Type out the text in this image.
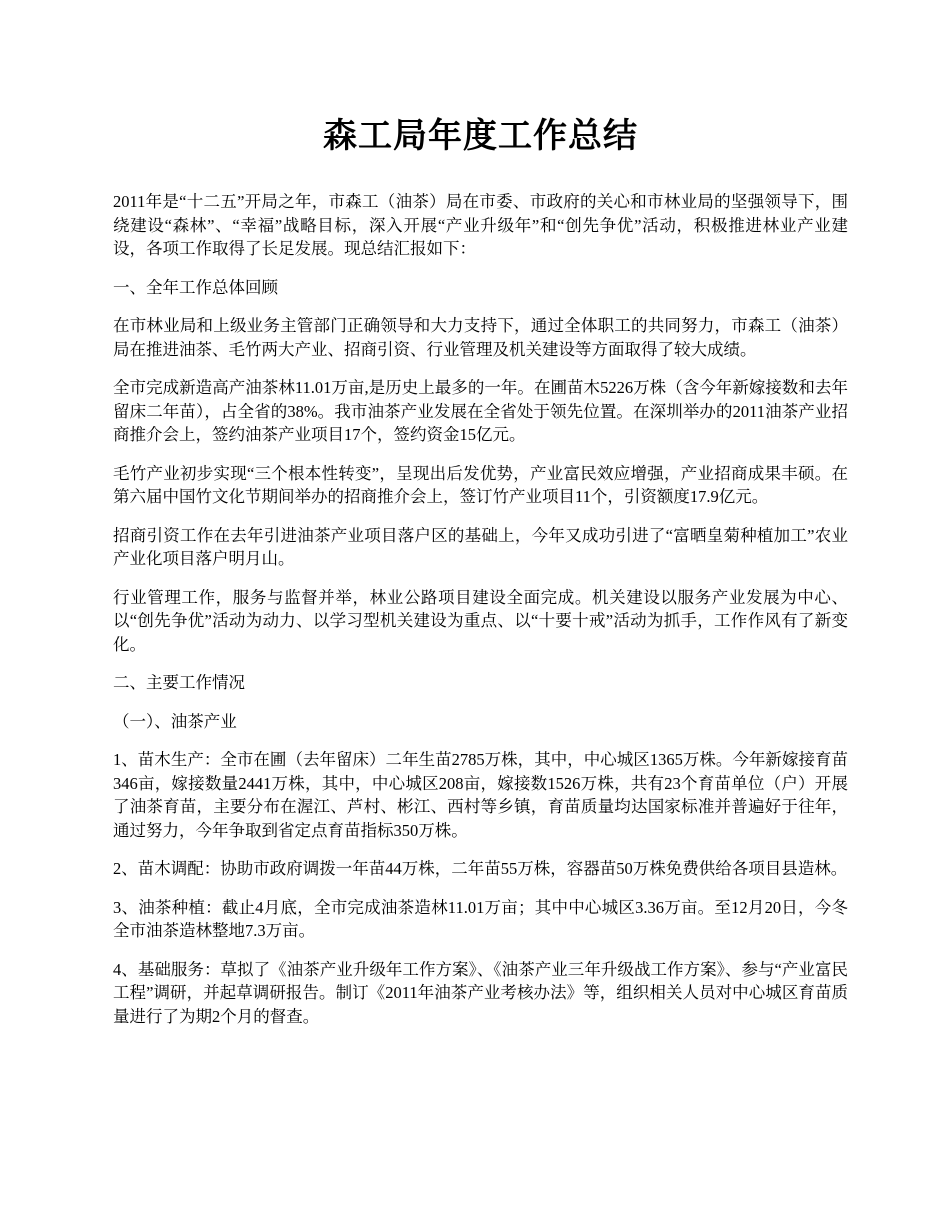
森工局年度工作总结

2011年是“十二五”开局之年，市森工（油茶）局在市委、市政府的关心和市林业局的坚强领导下，围绕建设“森林”、“幸福”战略目标，深入开展“产业升级年”和“创先争优”活动，积极推进林业产业建设，各项工作取得了长足发展。现总结汇报如下：

一、全年工作总体回顾

在市林业局和上级业务主管部门正确领导和大力支持下，通过全体职工的共同努力，市森工（油茶）局在推进油茶、毛竹两大产业、招商引资、行业管理及机关建设等方面取得了较大成绩。

全市完成新造高产油茶林11.01万亩,是历史上最多的一年。在圃苗木5226万株（含今年新嫁接数和去年留床二年苗），占全省的38%。我市油茶产业发展在全省处于领先位置。在深圳举办的2011油茶产业招商推介会上，签约油茶产业项目17个，签约资金15亿元。

毛竹产业初步实现“三个根本性转变”，呈现出后发优势，产业富民效应增强，产业招商成果丰硕。在第六届中国竹文化节期间举办的招商推介会上，签订竹产业项目11个，引资额度17.9亿元。

招商引资工作在去年引进油茶产业项目落户区的基础上，今年又成功引进了“富晒皇菊种植加工”农业产业化项目落户明月山。

行业管理工作，服务与监督并举，林业公路项目建设全面完成。机关建设以服务产业发展为中心、以“创先争优”活动为动力、以学习型机关建设为重点、以“十要十戒”活动为抓手，工作作风有了新变化。

二、主要工作情况

（一）、油茶产业

1、苗木生产：全市在圃（去年留床）二年生苗2785万株，其中，中心城区1365万株。今年新嫁接育苗346亩，嫁接数量2441万株，其中，中心城区208亩，嫁接数1526万株，共有23个育苗单位（户）开展了油茶育苗，主要分布在渥江、芦村、彬江、西村等乡镇，育苗质量均达国家标准并普遍好于往年，通过努力，今年争取到省定点育苗指标350万株。

2、苗木调配：协助市政府调拨一年苗44万株，二年苗55万株，容器苗50万株免费供给各项目县造林。

3、油茶种植：截止4月底，全市完成油茶造林11.01万亩；其中中心城区3.36万亩。至12月20日，今冬全市油茶造林整地7.3万亩。

4、基础服务：草拟了《油茶产业升级年工作方案》、《油茶产业三年升级战工作方案》、参与“产业富民工程”调研，并起草调研报告。制订《2011年油茶产业考核办法》等，组织相关人员对中心城区育苗质量进行了为期2个月的督查。
